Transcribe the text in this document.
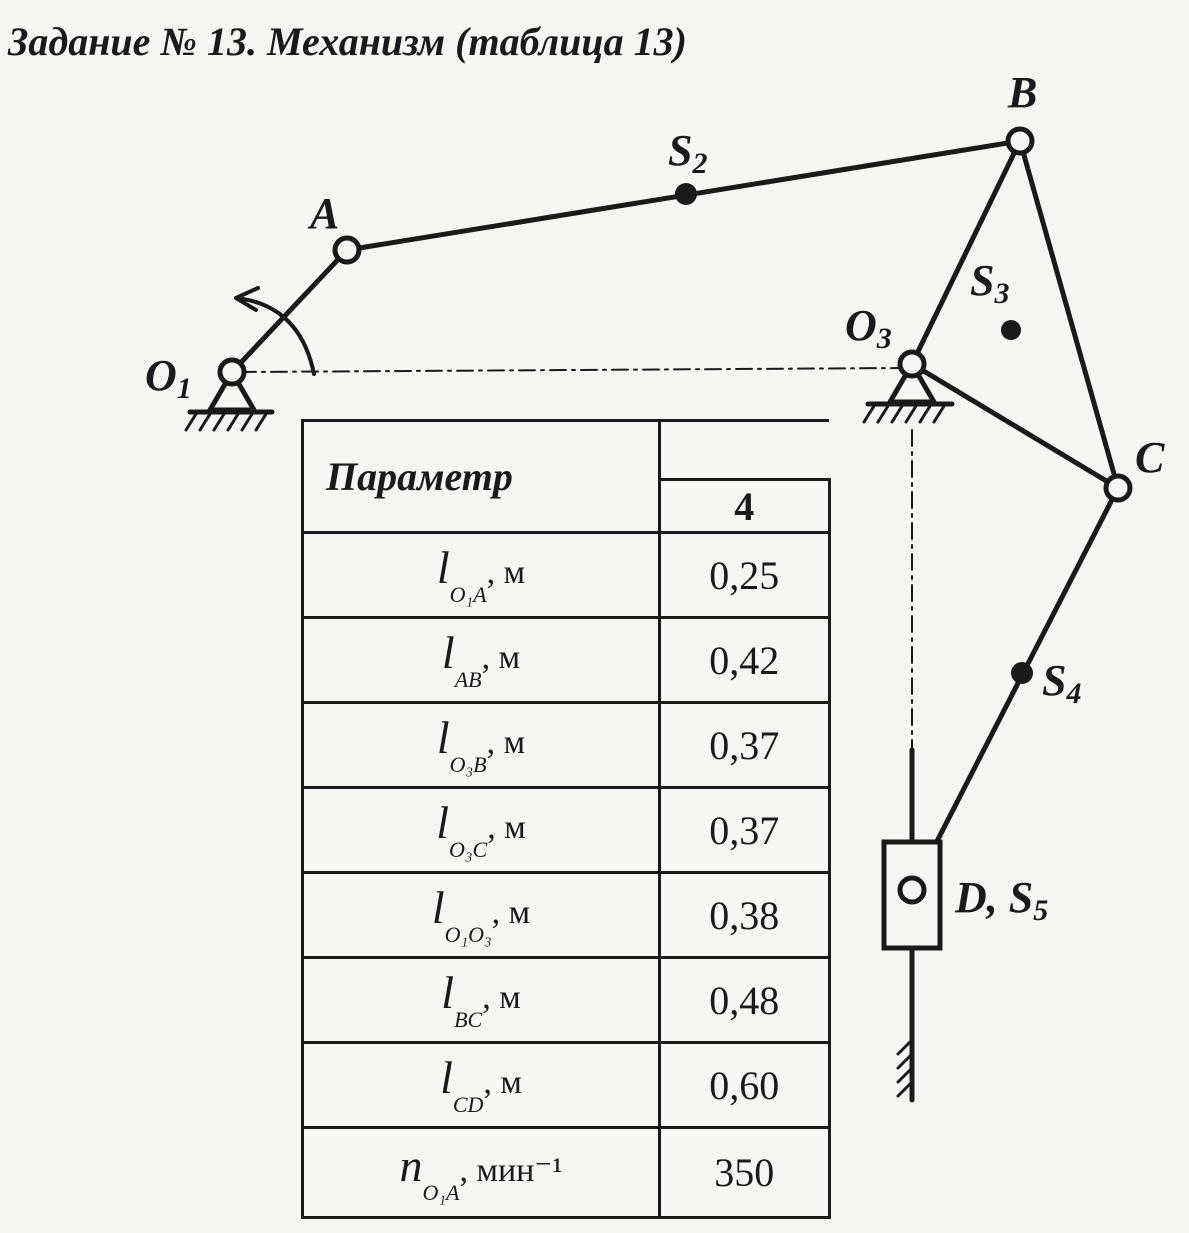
Задание № 13. Механизм (таблица 13)
O1
A
S2
B
S3
O3
C
S4
D, S5
Параметр	
	4
$l_{_{O_1A}}$, м	0,25
$l_{_{AB}}$, м	0,42
$l_{_{O_3B}}$, м	0,37
$l_{_{O_3C}}$, м	0,37
$l_{_{O_1O_3}}$, м	0,38
$l_{_{BC}}$, м	0,48
$l_{_{CD}}$, м	0,60
$n_{_{O_1A}}$, мин⁻¹	350
